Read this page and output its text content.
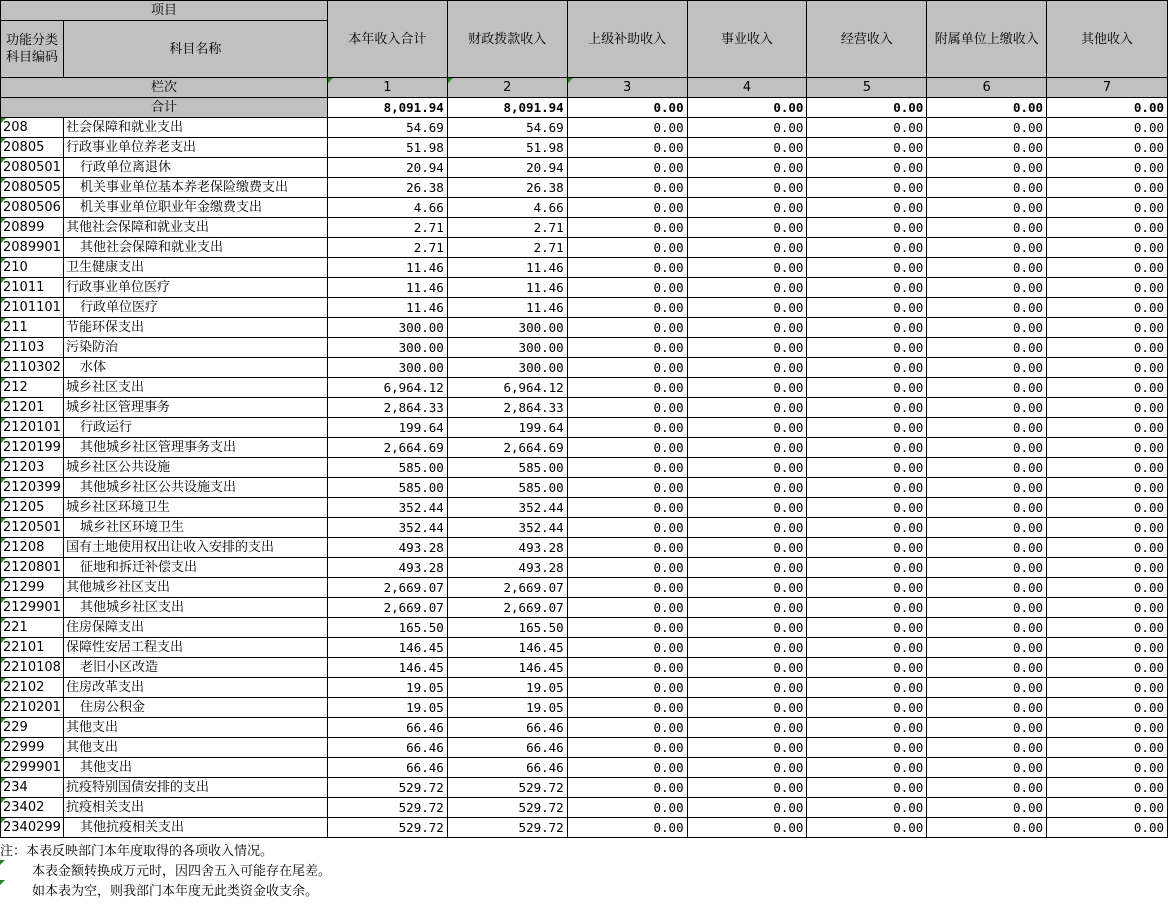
项目		本年收入合计	财政拨款收入	上级补助收入	事业收入	经营收入	附属单位上缴收入	其他收入
功能分类科目编码	科目名称							
栏次		1	2	3	4	5	6	7
合计		8,091.94	8,091.94	0.00	0.00	0.00	0.00	0.00
208	社会保障和就业支出	54.69	54.69	0.00	0.00	0.00	0.00	0.00
20805	行政事业单位养老支出	51.98	51.98	0.00	0.00	0.00	0.00	0.00
2080501	行政单位离退休	20.94	20.94	0.00	0.00	0.00	0.00	0.00
2080505	机关事业单位基本养老保险缴费支出	26.38	26.38	0.00	0.00	0.00	0.00	0.00
2080506	机关事业单位职业年金缴费支出	4.66	4.66	0.00	0.00	0.00	0.00	0.00
20899	其他社会保障和就业支出	2.71	2.71	0.00	0.00	0.00	0.00	0.00
2089901	其他社会保障和就业支出	2.71	2.71	0.00	0.00	0.00	0.00	0.00
210	卫生健康支出	11.46	11.46	0.00	0.00	0.00	0.00	0.00
21011	行政事业单位医疗	11.46	11.46	0.00	0.00	0.00	0.00	0.00
2101101	行政单位医疗	11.46	11.46	0.00	0.00	0.00	0.00	0.00
211	节能环保支出	300.00	300.00	0.00	0.00	0.00	0.00	0.00
21103	污染防治	300.00	300.00	0.00	0.00	0.00	0.00	0.00
2110302	水体	300.00	300.00	0.00	0.00	0.00	0.00	0.00
212	城乡社区支出	6,964.12	6,964.12	0.00	0.00	0.00	0.00	0.00
21201	城乡社区管理事务	2,864.33	2,864.33	0.00	0.00	0.00	0.00	0.00
2120101	行政运行	199.64	199.64	0.00	0.00	0.00	0.00	0.00
2120199	其他城乡社区管理事务支出	2,664.69	2,664.69	0.00	0.00	0.00	0.00	0.00
21203	城乡社区公共设施	585.00	585.00	0.00	0.00	0.00	0.00	0.00
2120399	其他城乡社区公共设施支出	585.00	585.00	0.00	0.00	0.00	0.00	0.00
21205	城乡社区环境卫生	352.44	352.44	0.00	0.00	0.00	0.00	0.00
2120501	城乡社区环境卫生	352.44	352.44	0.00	0.00	0.00	0.00	0.00
21208	国有土地使用权出让收入安排的支出	493.28	493.28	0.00	0.00	0.00	0.00	0.00
2120801	征地和拆迁补偿支出	493.28	493.28	0.00	0.00	0.00	0.00	0.00
21299	其他城乡社区支出	2,669.07	2,669.07	0.00	0.00	0.00	0.00	0.00
2129901	其他城乡社区支出	2,669.07	2,669.07	0.00	0.00	0.00	0.00	0.00
221	住房保障支出	165.50	165.50	0.00	0.00	0.00	0.00	0.00
22101	保障性安居工程支出	146.45	146.45	0.00	0.00	0.00	0.00	0.00
2210108	老旧小区改造	146.45	146.45	0.00	0.00	0.00	0.00	0.00
22102	住房改革支出	19.05	19.05	0.00	0.00	0.00	0.00	0.00
2210201	住房公积金	19.05	19.05	0.00	0.00	0.00	0.00	0.00
229	其他支出	66.46	66.46	0.00	0.00	0.00	0.00	0.00
22999	其他支出	66.46	66.46	0.00	0.00	0.00	0.00	0.00
2299901	其他支出	66.46	66.46	0.00	0.00	0.00	0.00	0.00
234	抗疫特别国债安排的支出	529.72	529.72	0.00	0.00	0.00	0.00	0.00
23402	抗疫相关支出	529.72	529.72	0.00	0.00	0.00	0.00	0.00
2340299	其他抗疫相关支出	529.72	529.72	0.00	0.00	0.00	0.00	0.00
注：本表反映部门本年度取得的各项收入情况。
本表金额转换成万元时，因四舍五入可能存在尾差。
如本表为空，则我部门本年度无此类资金收支余。
